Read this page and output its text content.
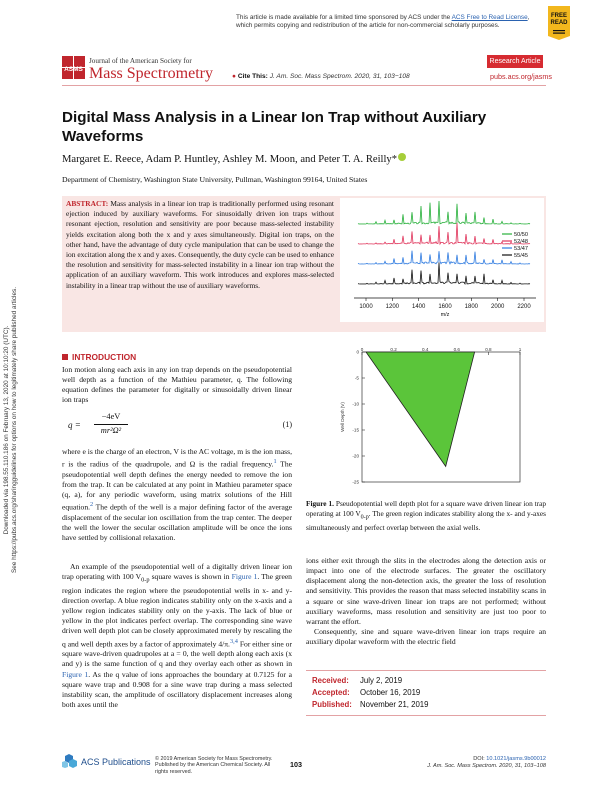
This article is made available for a limited time sponsored by ACS under the ACS Free to Read License, which permits copying and redistribution of the article for non-commercial scholarly purposes.
FREE
READ
ASMS
Journal of the American Society for
Mass Spectrometry	● Cite This: J. Am. Soc. Mass Spectrom. 2020, 31, 103−108
Research Article
pubs.acs.org/jasms
Digital Mass Analysis in a Linear Ion Trap without Auxiliary Waveforms
Margaret E. Reece, Adam P. Huntley, Ashley M. Moon, and Peter T. A. Reilly*
Department of Chemistry, Washington State University, Pullman, Washington 99164, United States
ABSTRACT: Mass analysis in a linear ion trap is traditionally performed using resonant ejection induced by auxiliary waveforms. For sinusoidally driven ion traps without resonant ejection, resolution and sensitivity are poor because mass-selected instability yields excitation along both the x and y axes simultaneously. Digital ion traps, on the other hand, have the advantage of duty cycle manipulation that can be used to change the ion excitation along the x and y axes. Consequently, the duty cycle can be used to enhance the resolution and sensitivity for mass-selected instability in a linear ion trap without the application of an auxiliary waveform. This work introduces and explores mass-selected instability in a linear trap without the use of auxiliary waveforms.
1000 1200 1400 1600 1800 2000 2200
m/z
50/50
52/48
53/47
55/45
INTRODUCTION
Ion motion along each axis in any ion trap depends on the pseudopotential well depth as a function of the Mathieu parameter, q. The following equation defines the parameter for digitally or sinusoidally driven linear ion traps
q =
−4eV
mr²Ω²
(1)
where e is the charge of an electron, V is the AC voltage, m is the ion mass, r is the radius of the quadrupole, and Ω is the radial frequency.$^1$ The pseudopotential well depth defines the energy needed to remove the ion from the trap. It can be calculated at any point in Mathieu parameter space (q, a), for any periodic waveform, using matrix solutions of the Hill equation.$^2$ The depth of the well is a major defining factor of the average displacement of the secular ion oscillation from the trap center. The deeper the well the lower the secular oscillation amplitude will be once the ions have settled by collisional relaxation.
An example of the pseudopotential well of a digitally driven linear ion trap operating with 100 $V_{0-p}$ square waves is shown in Figure 1. The green region indicates the region where the pseudopotential wells in x- and y-direction overlap. A blue region indicates stability only on the x-axis and a yellow region indicates stability only on the y-axis. The lack of blue or yellow in the plot indicates perfect overlap. The corresponding sine wave driven well depth plot can be closely approximated merely by rescaling the q and well depth axes by a factor of approximately 4/π.$^{3,4}$ For either sine or square wave-driven quadrupoles at a = 0, the well depth along each axis (x and y) is the same function of q and they overlay each other as shown in Figure 1. As the q value of ions approaches the boundary at 0.7125 for a square wave trap and 0.908 for a sine wave trap during a mass selected instability scan, the amplitude of oscillatory displacement increases along both axes until the
0	0.2	0.4	0.6	0.8	1
0
-5
-10
-15
-20
-25
Well Depth (V)
Figure 1. Pseudopotential well depth plot for a square wave driven linear ion trap operating at 100 $V_{0-p}$. The green region indicates stability along the x- and y-axes simultaneously and perfect overlap between the axial wells.
ions either exit through the slits in the electrodes along the detection axis or impact into one of the electrode surfaces. The greater the oscillatory displacement along the non-detection axis, the greater the loss of resolution and sensitivity. This provides the reason that mass selected instability scans in a square or sine wave-driven linear ion traps are not performed; without auxiliary waveforms, mass resolution and sensitivity are just too poor to warrant the effort.
Consequently, sine and square wave-driven linear ion traps require an auxiliary dipolar waveform with the electric field
Received: July 2, 2019
Accepted: October 16, 2019
Published: November 21, 2019
Downloaded via 198.55.110.186 on February 13, 2020 at 10:10:20 (UTC). See https://pubs.acs.org/sharingguidelines for options on how to legitimately share published articles.
ACS Publications © 2019 American Society for Mass Spectrometry. Published by the American Chemical Society. All rights reserved.
103
DOI: 10.1021/jasms.9b00012
J. Am. Soc. Mass Spectrom. 2020, 31, 103−108
